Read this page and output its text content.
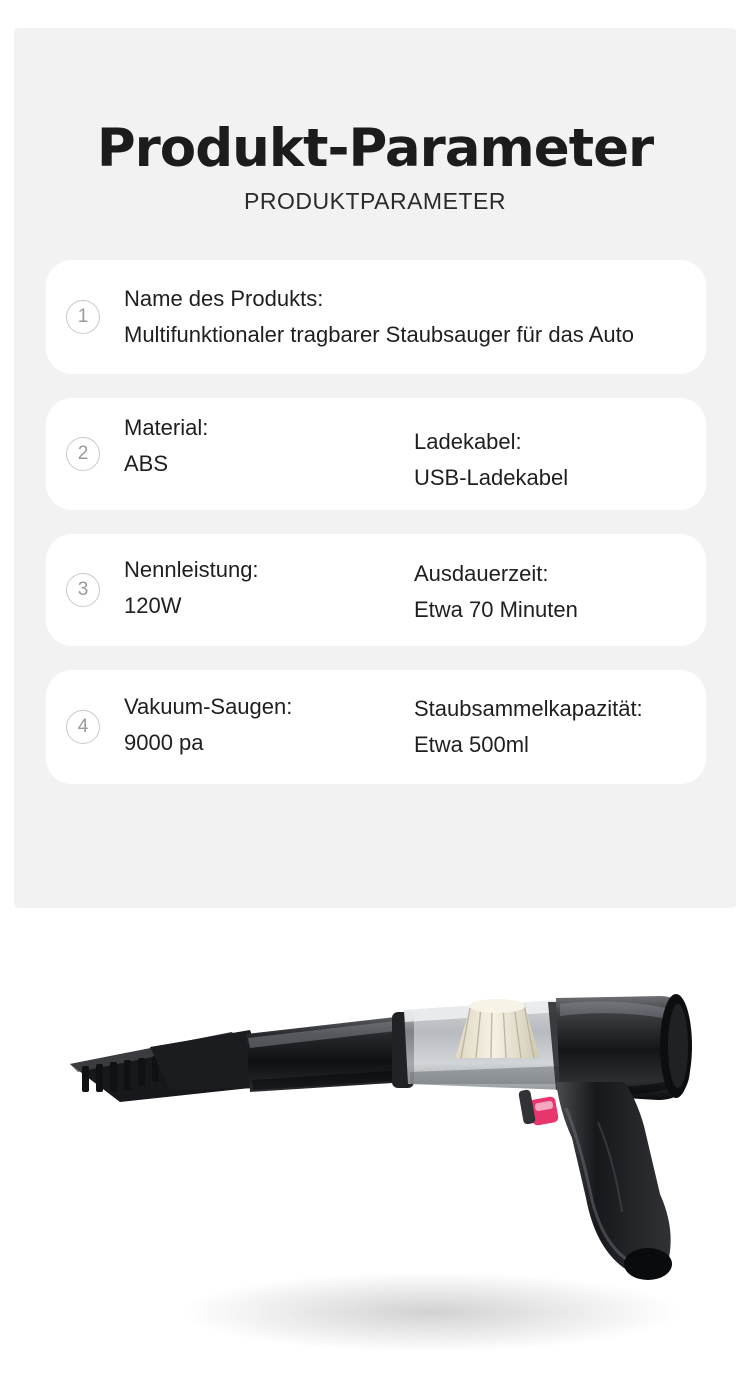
Produkt-Parameter
PRODUKTPARAMETER
1
Name des Produkts:
Multifunktionaler tragbarer Staubsauger für das Auto
2
Material:
ABS
Ladekabel:
USB-Ladekabel
3
Nennleistung:
120W
Ausdauerzeit:
Etwa 70 Minuten
4
Vakuum-Saugen:
9000 pa
Staubsammelkapazität:
Etwa 500ml
